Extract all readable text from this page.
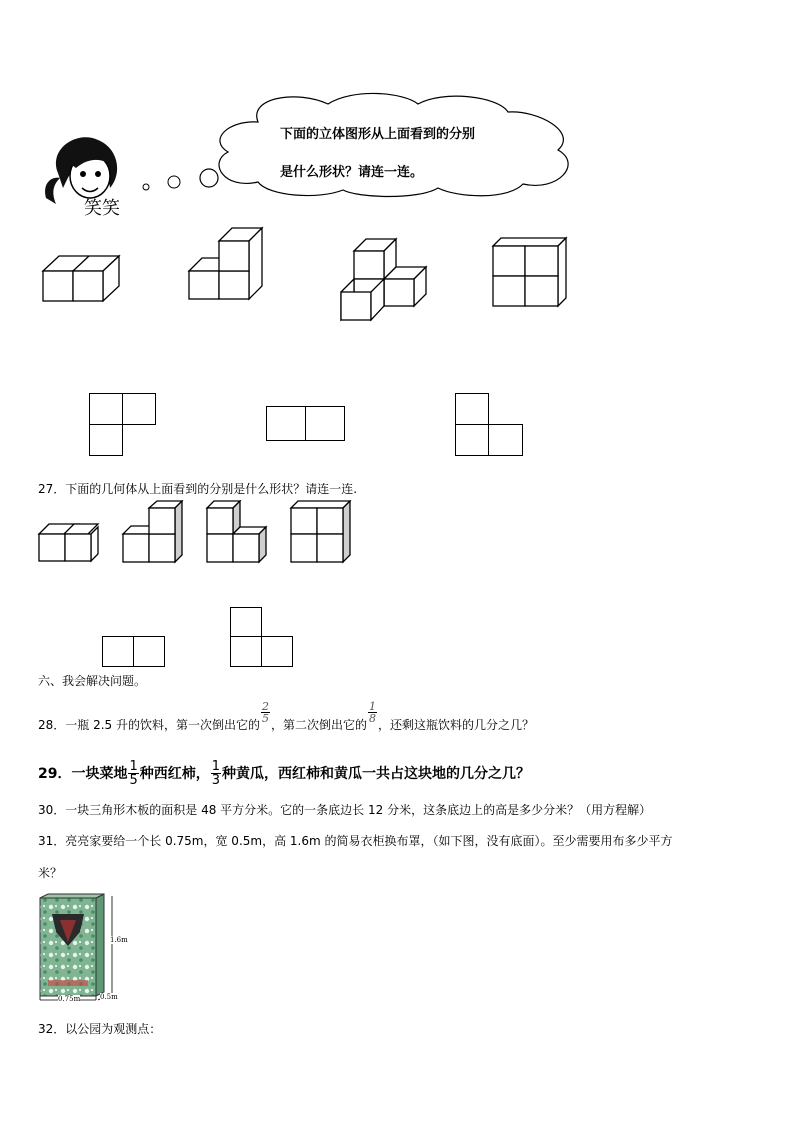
笑笑
下面的立体图形从上面看到的分别
是什么形状？请连一连。
27．下面的几何体从上面看到的分别是什么形状？请连一连.
六、我会解决问题。
28．一瓶 2.5 升的饮料，第一次倒出它的
$\frac{2}{5}$
，第二次倒出它的
$\frac{1}{8}$
，还剩这瓶饮料的几分之几？
29．一块菜地 $\frac{1}{5}$ 种西红柿， $\frac{1}{3}$ 种黄瓜，西红柿和黄瓜一共占这块地的几分之几？
30．一块三角形木板的面积是 48 平方分米。它的一条底边长 12 分米，这条底边上的高是多少分米？（用方程解）
31．亮亮家要给一个长 0.75m，宽 0.5m，高 1.6m 的简易衣柜换布罩，（如下图，没有底面）。至少需要用布多少平方
米？
1.6m
0.75m	0.5m
32．以公园为观测点：
